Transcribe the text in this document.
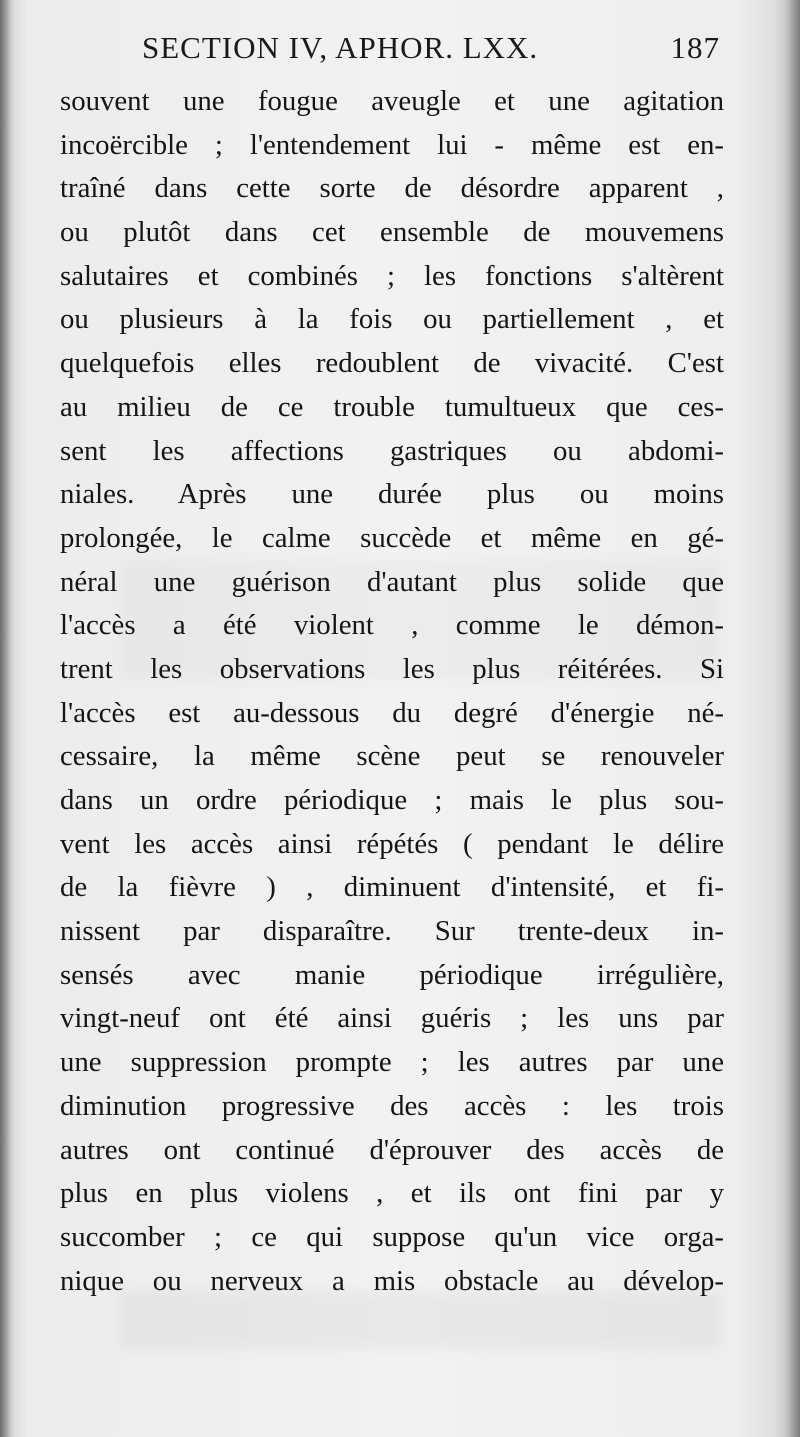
SECTION IV, APHOR. LXX.	187
souvent une fougue aveugle et une agitation
incoërcible ; l'entendement lui - même est en-
traîné dans cette sorte de désordre apparent ,
ou plutôt dans cet ensemble de mouvemens
salutaires et combinés ; les fonctions s'altèrent
ou plusieurs à la fois ou partiellement , et
quelquefois elles redoublent de vivacité. C'est
au milieu de ce trouble tumultueux que ces-
sent les affections gastriques ou abdomi-
niales. Après une durée plus ou moins
prolongée, le calme succède et même en gé-
néral une guérison d'autant plus solide que
l'accès a été violent , comme le démon-
trent les observations les plus réitérées. Si
l'accès est au-dessous du degré d'énergie né-
cessaire, la même scène peut se renouveler
dans un ordre périodique ; mais le plus sou-
vent les accès ainsi répétés ( pendant le délire
de la fièvre ) , diminuent d'intensité, et fi-
nissent par disparaître. Sur trente-deux in-
sensés avec manie périodique irrégulière,
vingt-neuf ont été ainsi guéris ; les uns par
une suppression prompte ; les autres par une
diminution progressive des accès : les trois
autres ont continué d'éprouver des accès de
plus en plus violens , et ils ont fini par y
succomber ; ce qui suppose qu'un vice orga-
nique ou nerveux a mis obstacle au dévelop-
